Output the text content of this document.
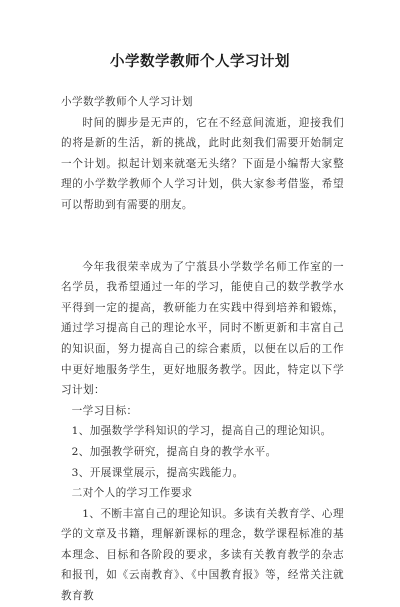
小学数学教师个人学习计划

小学数学教师个人学习计划

时间的脚步是无声的，它在不经意间流逝，迎接我们的将是新的生活，新的挑战，此时此刻我们需要开始制定一个计划。拟起计划来就毫无头绪？下面是小编帮大家整理的小学数学教师个人学习计划，供大家参考借鉴，希望可以帮助到有需要的朋友。

今年我很荣幸成为了宁蒗县小学数学名师工作室的一名学员，我希望通过一年的学习，能使自己的数学教学水平得到一定的提高，教研能力在实践中得到培养和锻炼，通过学习提高自己的理论水平，同时不断更新和丰富自己的知识面，努力提高自己的综合素质，以便在以后的工作中更好地服务学生，更好地服务教学。因此，特定以下学习计划：

一学习目标：

1、加强数学学科知识的学习，提高自己的理论知识。

2、加强教学研究，提高自身的教学水平。

3、开展课堂展示，提高实践能力。

二对个人的学习工作要求

1、不断丰富自己的理论知识。多读有关教育学、心理学的文章及书籍，理解新课标的理念，数学课程标准的基本理念、目标和各阶段的要求，多读有关教育教学的杂志和报刊，如《云南教育》、《中国教育报》等，经常关注就教育教
